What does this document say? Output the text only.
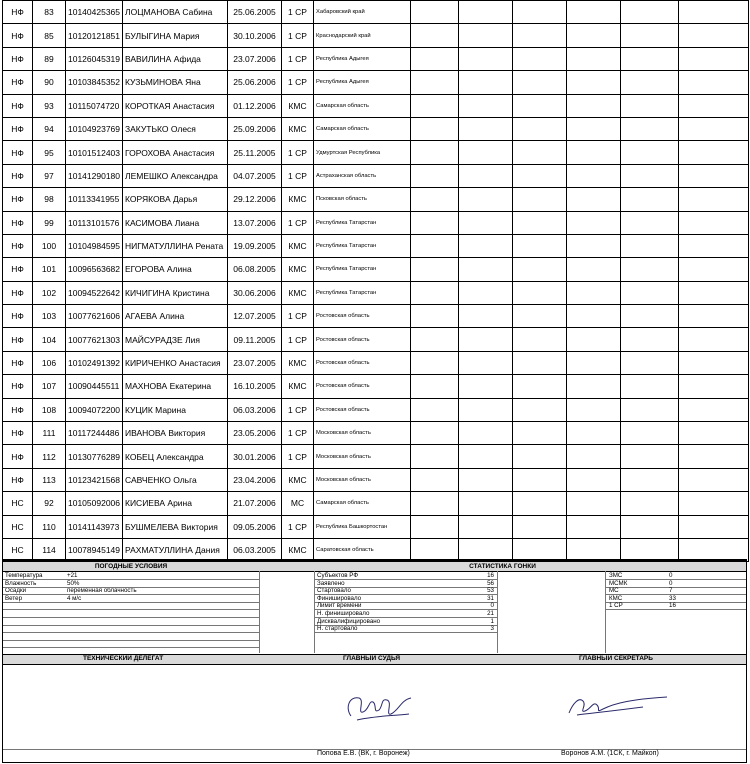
НФ	83	10140425365	ЛОЦМАНОВА Сабина	25.06.2005	1 СР	Хабаровский край						
НФ	85	10120121851	БУЛЫГИНА Мария	30.10.2006	1 СР	Краснодарский край						
НФ	89	10126045319	ВАВИЛИНА Афида	23.07.2006	1 СР	Республика Адыгея						
НФ	90	10103845352	КУЗЬМИНОВА Яна	25.06.2006	1 СР	Республика Адыгея						
НФ	93	10115074720	КОРОТКАЯ Анастасия	01.12.2006	КМС	Самарская область						
НФ	94	10104923769	ЗАКУТЬКО Олеся	25.09.2006	КМС	Самарская область						
НФ	95	10101512403	ГОРОХОВА Анастасия	25.11.2005	1 СР	Удмуртская Республика						
НФ	97	10141290180	ЛЕМЕШКО Александра	04.07.2005	1 СР	Астраханская область						
НФ	98	10113341955	КОРЯКОВА Дарья	29.12.2006	КМС	Псковская область						
НФ	99	10113101576	КАСИМОВА Лиана	13.07.2006	1 СР	Республика Татарстан						
НФ	100	10104984595	НИГМАТУЛЛИНА Рената	19.09.2005	КМС	Республика Татарстан						
НФ	101	10096563682	ЕГОРОВА Алина	06.08.2005	КМС	Республика Татарстан						
НФ	102	10094522642	КИЧИГИНА Кристина	30.06.2006	КМС	Республика Татарстан						
НФ	103	10077621606	АГАЕВА Алина	12.07.2005	1 СР	Ростовская область						
НФ	104	10077621303	МАЙСУРАДЗЕ Лия	09.11.2005	1 СР	Ростовская область						
НФ	106	10102491392	КИРИЧЕНКО Анастасия	23.07.2005	КМС	Ростовская область						
НФ	107	10090445511	МАХНОВА Екатерина	16.10.2005	КМС	Ростовская область						
НФ	108	10094072200	КУЦИК Марина	06.03.2006	1 СР	Ростовская область						
НФ	111	10117244486	ИВАНОВА Виктория	23.05.2006	1 СР	Московская область						
НФ	112	10130776289	КОБЕЦ Александра	30.01.2006	1 СР	Московская область						
НФ	113	10123421568	САВЧЕНКО Ольга	23.04.2006	КМС	Московская область						
НС	92	10105092006	КИСИЕВА Арина	21.07.2006	МС	Самарская область						
НС	110	10141143973	БУШМЕЛЕВА Виктория	09.05.2006	1 СР	Республика Башкортостан						
НС	114	10078945149	РАХМАТУЛЛИНА Дания	06.03.2005	КМС	Саратовская область						
ПОГОДНЫЕ УСЛОВИЯ	СТАТИСТИКА ГОНКИ
Температура	+21
Влажность	50%
Осадки	переменная облачность
Ветер	4 м/с
Субъектов РФ	16
Заявлено	56
Стартовало	53
Финишировало	31
Лимит времени	0
Н. финишировало	21
Дисквалифицировано	1
Н. стартовало	3
ЗМС	0
МСМК	0
МС	7
КМС	33
1 СР	16
ТЕХНИЧЕСКИЙ ДЕЛЕГАТ	ГЛАВНЫЙ СУДЬЯ	ГЛАВНЫЙ СЕКРЕТАРЬ
Попова Е.В. (ВК, г. Воронеж)	Воронов А.М. (1СК, г. Майкоп)
